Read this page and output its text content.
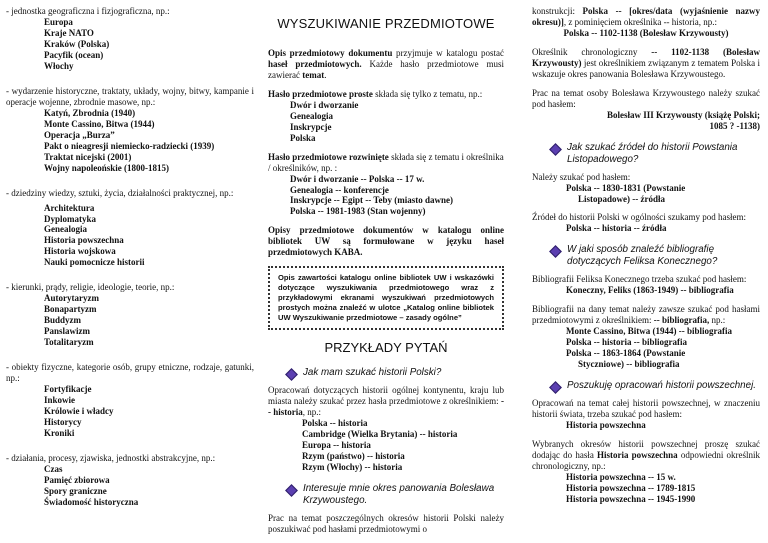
- jednostka geograficzna i fizjograficzna, np.:

Europa
Kraje NATO
Kraków (Polska)
Pacyfik (ocean)
Włochy

- wydarzenie historyczne, traktaty, układy, wojny, bitwy, kampanie i operacje wojenne, zbrodnie masowe, np.:

Katyń, Zbrodnia (1940)
Monte Cassino, Bitwa (1944)
Operacja „Burza”
Pakt o nieagresji niemiecko-radziecki (1939)
Traktat nicejski (2001)
Wojny napoleońskie (1800-1815)

- dziedziny wiedzy, sztuki, życia, działalności praktycznej, np.:

Architektura
Dyplomatyka
Genealogia
Historia powszechna
Historia wojskowa
Nauki pomocnicze historii

- kierunki, prądy, religie, ideologie, teorie, np.:

Autorytaryzm
Bonapartyzm
Buddyzm
Panslawizm
Totalitaryzm

- obiekty fizyczne, kategorie osób, grupy etniczne, rodzaje, gatunki, np.:

Fortyfikacje
Inkowie
Królowie i władcy
Historycy
Kroniki

- działania, procesy, zjawiska, jednostki abstrakcyjne, np.:

Czas
Pamięć zbiorowa
Spory graniczne
Świadomość historyczna
WYSZUKIWANIE PRZEDMIOTOWE

Opis przedmiotowy dokumentu przyjmuje w katalogu postać haseł przedmiotowych. Każde hasło przedmiotowe musi zawierać temat.

Hasło przedmiotowe proste składa się tylko z tematu, np.:

Dwór i dworzanie
Genealogia
Inskrypcje
Polska

Hasło przedmiotowe rozwinięte składa się z tematu i określnika / określników, np. :

Dwór i dworzanie -- Polska -- 17 w.
Genealogia -- konferencje
Inskrypcje -- Egipt -- Teby (miasto dawne)
Polska -- 1981-1983 (Stan wojenny)

Opisy przedmiotowe dokumentów w katalogu online bibliotek UW są formułowane w języku haseł przedmiotowych KABA.

Opis zawartości katalogu online bibliotek UW i wskazówki dotyczące wyszukiwania przedmiotowego wraz z przykładowymi ekranami wyszukiwań przedmiotowych prostych można znaleźć w ulotce „Katalog online bibliotek UW Wyszukiwanie przedmiotowe – zasady ogólne”
PRZYKŁADY PYTAŃ
Jak mam szukać historii Polski?

Opracowań dotyczących historii ogólnej kontynentu, kraju lub miasta należy szukać przez hasła przedmiotowe z określnikiem: -- historia, np.:

Polska -- historia
Cambridge (Wielka Brytania) -- historia
Europa -- historia
Rzym (państwo) -- historia
Rzym (Włochy) -- historia
Interesuje mnie okres panowania Bolesława Krzywoustego.

Prac na temat poszczególnych okresów historii Polski należy poszukiwać pod hasłami przedmiotowymi o

konstrukcji: Polska -- [okres/data (wyjaśnienie nazwy okresu)], z pominięciem określnika -- historia, np.:

Polska -- 1102-1138 (Bolesław Krzywousty)

Określnik chronologiczny -- 1102-1138 (Bolesław Krzywousty) jest określnikiem związanym z tematem Polska i wskazuje okres panowania Bolesława Krzywoustego.

Prac na temat osoby Bolesława Krzywoustego należy szukać pod hasłem:

Bolesław III Krzywousty (książę Polski;
1085 ? -1138)
Jak szukać źródeł do historii Powstania Listopadowego?

Należy szukać pod hasłem:

Polska -- 1830-1831 (Powstanie
Listopadowe) -- źródła

Źródeł do historii Polski w ogólności szukamy pod hasłem:

Polska -- historia -- źródła
W jaki sposób znaleźć bibliografię dotyczących Feliksa Konecznego?

Bibliografii Feliksa Konecznego trzeba szukać pod hasłem:

Koneczny, Feliks (1863-1949) -- bibliografia

Bibliografii na dany temat należy zawsze szukać pod hasłami przedmiotowymi z określnikiem: -- bibliografia, np.:

Monte Cassino, Bitwa (1944) -- bibliografia
Polska -- historia -- bibliografia
Polska -- 1863-1864 (Powstanie
Styczniowe) -- bibliografia
Poszukuję opracowań historii powszechnej.

Opracowań na temat całej historii powszechnej, w znaczeniu historii świata, trzeba szukać pod hasłem:

Historia powszechna

Wybranych okresów historii powszechnej proszę szukać dodając do hasła Historia powszechna odpowiedni określnik chronologiczny, np.:

Historia powszechna -- 15 w.
Historia powszechna -- 1789-1815
Historia powszechna -- 1945-1990
